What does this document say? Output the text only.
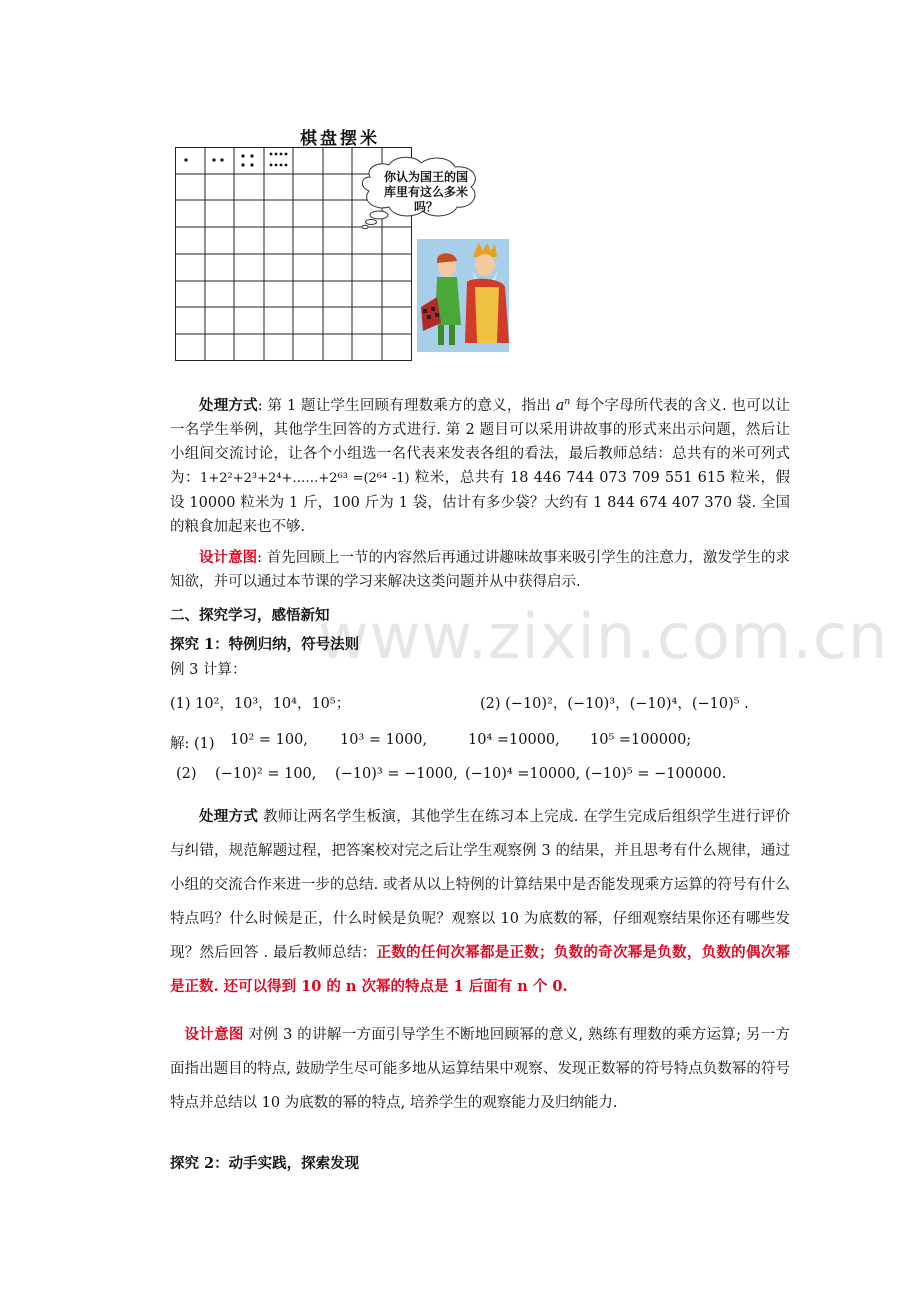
www.zixin.com.cn
棋盘摆米
你认为国王的国
库里有这么多米
吗？
处理方式: 第 1 题让学生回顾有理数乘方的意义，指出 $a^n$ 每个字母所代表的含义. 也可以让一名学生举例，其他学生回答的方式进行. 第 2 题目可以采用讲故事的形式来出示问题，然后让小组间交流讨论，让各个小组选一名代表来发表各组的看法，最后教师总结：总共有的米可列式为：1+2²+2³+2⁴+……+2⁶³ =(2⁶⁴ -1) 粒米，总共有 18 446 744 073 709 551 615 粒米，假设 10000 粒米为 1 斤，100 斤为 1 袋，估计有多少袋？大约有 1 844 674 407 370 袋. 全国的粮食加起来也不够.
设计意图: 首先回顾上一节的内容然后再通过讲趣味故事来吸引学生的注意力，激发学生的求知欲，并可以通过本节课的学习来解决这类问题并从中获得启示.
二、探究学习，感悟新知
探究 1：特例归纳，符号法则
例 3 计算：
(1) 10²，10³，10⁴，10⁵；	(2) (−10)²，(−10)³，(−10)⁴，(−10)⁵ .
解: (1) 10² = 100, 10³ = 1000,	10⁴ =10000, 10⁵ =100000;
(2) (−10)² = 100, (−10)³ = −1000, (−10)⁴ =10000, (−10)⁵ = −100000.
处理方式 教师让两名学生板演，其他学生在练习本上完成. 在学生完成后组织学生进行评价与纠错，规范解题过程，把答案校对完之后让学生观察例 3 的结果，并且思考有什么规律，通过小组的交流合作来进一步的总结. 或者从以上特例的计算结果中是否能发现乘方运算的符号有什么特点吗？什么时候是正，什么时候是负呢？观察以 10 为底数的幂，仔细观察结果你还有哪些发现？然后回答 . 最后教师总结：正数的任何次幂都是正数；负数的奇次幂是负数，负数的偶次幂是正数. 还可以得到 10 的 n 次幂的特点是 1 后面有 n 个 0.
设计意图 对例 3 的讲解一方面引导学生不断地回顾幂的意义, 熟练有理数的乘方运算; 另一方面指出题目的特点, 鼓励学生尽可能多地从运算结果中观察、发现正数幂的符号特点负数幂的符号特点并总结以 10 为底数的幂的特点, 培养学生的观察能力及归纳能力.
探究 2：动手实践，探索发现
